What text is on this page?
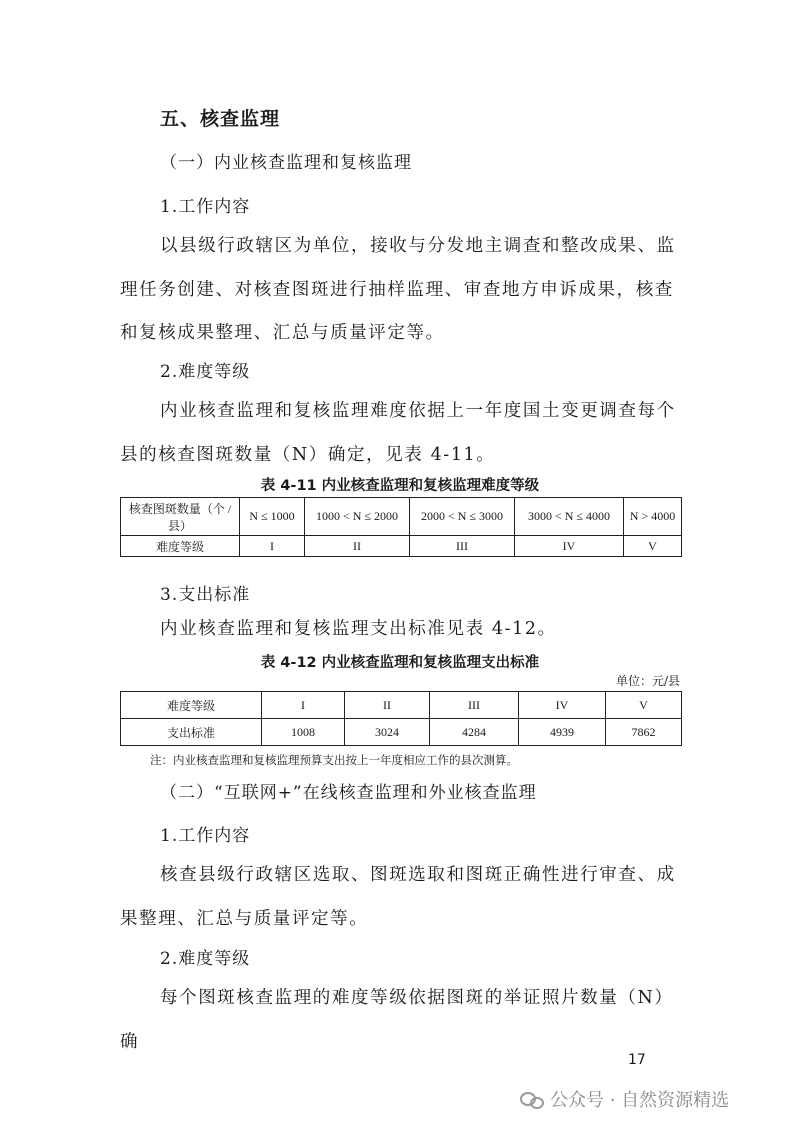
五、核查监理
（一）内业核查监理和复核监理
1.工作内容

以县级行政辖区为单位，接收与分发地主调查和整改成果、监理任务创建、对核查图斑进行抽样监理、审查地方申诉成果，核查和复核成果整理、汇总与质量评定等。

2.难度等级

内业核查监理和复核监理难度依据上一年度国土变更调查每个县的核查图斑数量（N）确定，见表 4-11。

表 4-11 内业核查监理和复核监理难度等级
核查图斑数量（个 / 县）	N ≤ 1000	1000 < N ≤ 2000	2000 < N ≤ 3000	3000 < N ≤ 4000	N > 4000
难度等级	I	II	III	IV	V
3.支出标准

内业核查监理和复核监理支出标准见表 4-12。

表 4-12 内业核查监理和复核监理支出标准
单位：元/县
难度等级	I	II	III	IV	V
支出标准	1008	3024	4284	4939	7862
注：内业核查监理和复核监理预算支出按上一年度相应工作的县次测算。
（二）“互联网+”在线核查监理和外业核查监理
1.工作内容

核查县级行政辖区选取、图斑选取和图斑正确性进行审查、成果整理、汇总与质量评定等。

2.难度等级

每个图斑核查监理的难度等级依据图斑的举证照片数量（N）确

17
公众号 · 自然资源精选
